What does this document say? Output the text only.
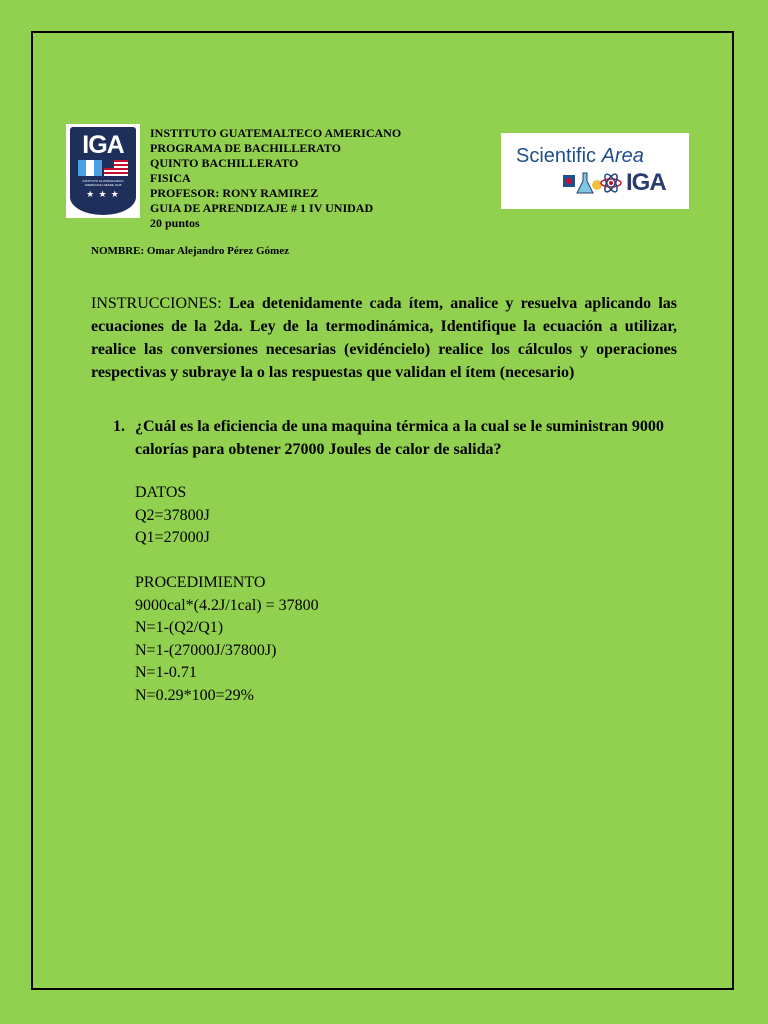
IGA
INSTITUTO GUATEMALTECO AMERICANO DESDE 1945
★ ★ ★
INSTITUTO GUATEMALTECO AMERICANO
PROGRAMA DE BACHILLERATO
QUINTO BACHILLERATO
FISICA
PROFESOR: RONY RAMIREZ
GUIA DE APRENDIZAJE # 1 IV UNIDAD
20 puntos
Scientific Area
IGA
NOMBRE: Omar Alejandro Pérez Gómez

INSTRUCCIONES: Lea detenidamente cada ítem, analice y resuelva aplicando las ecuaciones de la 2da. Ley de la termodinámica, Identifique la ecuación a utilizar, realice las conversiones necesarias (evidéncielo) realice los cálculos y operaciones respectivas y subraye la o las respuestas que validan el ítem (necesario)

1. ¿Cuál es la eficiencia de una maquina térmica a la cual se le suministran 9000 calorías para obtener 27000 Joules de calor de salida?

DATOS
Q2=37800J
Q1=27000J
PROCEDIMIENTO
9000cal*(4.2J/1cal) = 37800
N=1-(Q2/Q1)
N=1-(27000J/37800J)
N=1-0.71
N=0.29*100=29%
